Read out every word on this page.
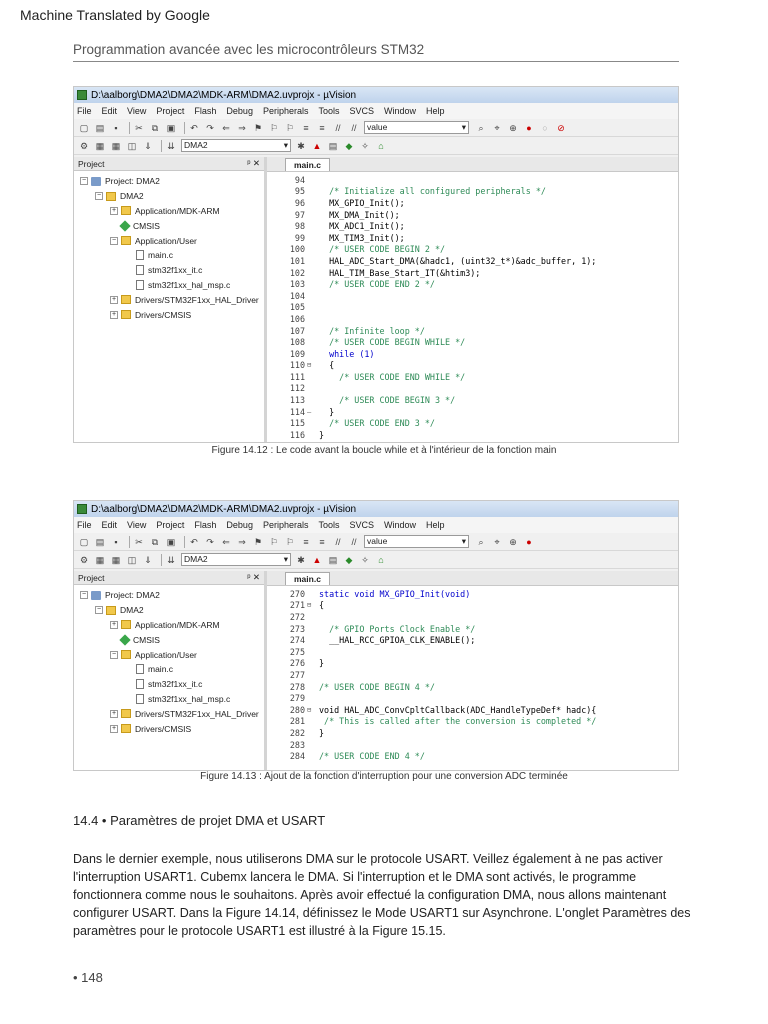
Machine Translated by Google
Programmation avancée avec les microcontrôleurs STM32
D:\aalborg\DMA2\DMA2\MDK-ARM\DMA2.uvprojx - µVision
File Edit View Project Flash Debug Peripherals Tools SVCS Window Help
▢ ▤	▪	✂	⧉ ▣ ↶ ↷ ⇐ ⇒ ⚑ ⚐ ⚐	≡	≡	//	//	value	▾	⌕	⌖	⊕	●	○	⊘
⚙ ▦ ▦ ◫ ⇓ ⇊ DMA2	▾ ✱ ▲ ▤ ◆ ✧	⌂
Project	ᵖ ✕
− Project: DMA2
− DMA2
+ Application/MDK-ARM
CMSIS
− Application/User
main.c
stm32f1xx_it.c
stm32f1xx_hal_msp.c
+ Drivers/STM32F1xx_HAL_Driver
+ Drivers/CMSIS
main.c
94
95 /* Initialize all configured peripherals */
96 MX_GPIO_Init();
97 MX_DMA_Init();
98 MX_ADC1_Init();
99 MX_TIM3_Init();
100 /* USER CODE BEGIN 2 */
101 HAL_ADC_Start_DMA(&hadc1, (uint32_t*)&adc_buffer, 1);
102 HAL_TIM_Base_Start_IT(&htim3);
103 /* USER CODE END 2 */
104
105
106
107 /* Infinite loop */
108 /* USER CODE BEGIN WHILE */
109 while (1)
110 ⊟ {
111 /* USER CODE END WHILE */
112
113 /* USER CODE BEGIN 3 */
114 – }
115 /* USER CODE END 3 */
116 }
Figure 14.12 : Le code avant la boucle while et à l'intérieur de la fonction main
D:\aalborg\DMA2\DMA2\MDK-ARM\DMA2.uvprojx - µVision
File Edit View Project Flash Debug Peripherals Tools SVCS Window Help
▢ ▤	▪	✂	⧉ ▣ ↶ ↷ ⇐ ⇒ ⚑ ⚐ ⚐	≡	≡	//	//	value	▾	⌕	⌖	⊕	●
⚙ ▦ ▦ ◫ ⇓ ⇊ DMA2	▾ ✱ ▲ ▤ ◆ ✧	⌂
Project	ᵖ ✕
− Project: DMA2
− DMA2
+ Application/MDK-ARM
CMSIS
− Application/User
main.c
stm32f1xx_it.c
stm32f1xx_hal_msp.c
+ Drivers/STM32F1xx_HAL_Driver
+ Drivers/CMSIS
main.c
270 static void MX_GPIO_Init(void)
271 ⊟ {
272
273 /* GPIO Ports Clock Enable */
274 __HAL_RCC_GPIOA_CLK_ENABLE();
275
276 }
277
278 /* USER CODE BEGIN 4 */
279
280 ⊟ void HAL_ADC_ConvCpltCallback(ADC_HandleTypeDef* hadc){
281 /* This is called after the conversion is completed */
282 }
283
284 /* USER CODE END 4 */
Figure 14.13 : Ajout de la fonction d'interruption pour une conversion ADC terminée
14.4 • Paramètres de projet DMA et USART
Dans le dernier exemple, nous utiliserons DMA sur le protocole USART. Veillez également à ne pas activer l'interruption USART1. Cubemx lancera le DMA. Si l'interruption et le DMA sont activés, le programme fonctionnera comme nous le souhaitons. Après avoir effectué la configuration DMA, nous allons maintenant configurer USART. Dans la Figure 14.14, définissez le Mode USART1 sur Asynchrone. L'onglet Paramètres des paramètres pour le protocole USART1 est illustré à la Figure 15.15.
• 148
